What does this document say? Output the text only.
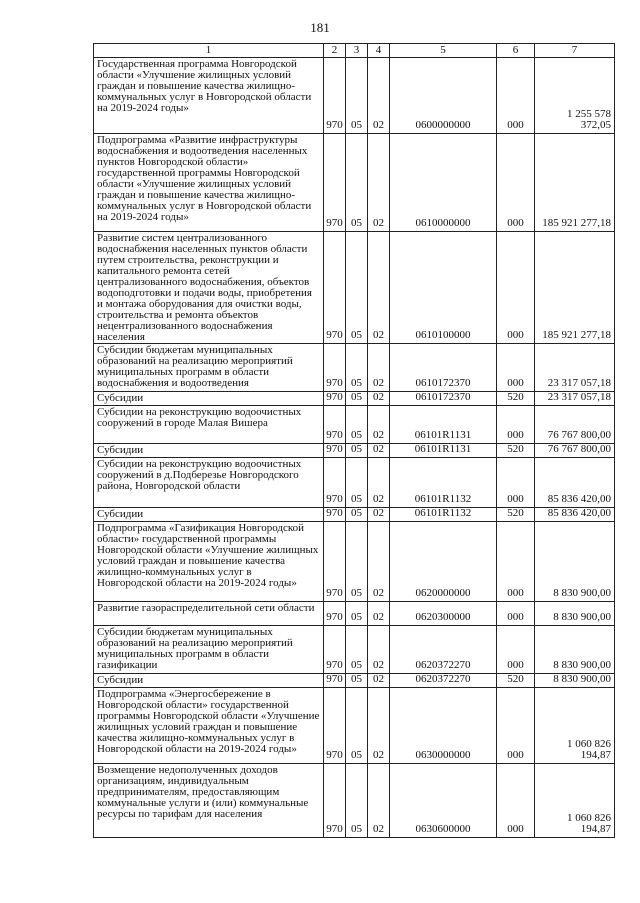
181
1	2	3	4	5	6	7
Государственная программа Новгородской области «Улучшение жилищных условий граждан и повышение качества жилищно-коммунальных услуг в Новгородской области на 2019-2024 годы»	970	05	02	0600000000	000	1 255 578 372,05
Подпрограмма «Развитие инфраструктуры водоснабжения и водоотведения населенных пунктов Новгородской области» государственной программы Новгородской области «Улучшение жилищных условий граждан и повышение качества жилищно-коммунальных услуг в Новгородской области на 2019-2024 годы»	970	05	02	0610000000	000	185 921 277,18
Развитие систем централизованного водоснабжения населенных пунктов области путем строительства, реконструкции и капитального ремонта сетей централизованного водоснабжения, объектов водоподготовки и подачи воды, приобретения и монтажа оборудования для очистки воды, строительства и ремонта объектов нецентрализованного водоснабжения населения	970	05	02	0610100000	000	185 921 277,18
Субсидии бюджетам муниципальных образований на реализацию мероприятий муниципальных программ в области водоснабжения и водоотведения	970	05	02	0610172370	000	23 317 057,18
Субсидии	970	05	02	0610172370	520	23 317 057,18
Субсидии на реконструкцию водоочистных сооружений в городе Малая Вишера	970	05	02	06101R1131	000	76 767 800,00
Субсидии	970	05	02	06101R1131	520	76 767 800,00
Субсидии на реконструкцию водоочистных сооружений в д.Подберезье Новгородского района, Новгородской области	970	05	02	06101R1132	000	85 836 420,00
Субсидии	970	05	02	06101R1132	520	85 836 420,00
Подпрограмма «Газификация Новгородской области» государственной программы Новгородской области «Улучшение жилищных условий граждан и повышение качества жилищно-коммунальных услуг в Новгородской области на 2019-2024 годы»	970	05	02	0620000000	000	8 830 900,00
Развитие газораспределительной сети области	970	05	02	0620300000	000	8 830 900,00
Субсидии бюджетам муниципальных образований на реализацию мероприятий муниципальных программ в области газификации	970	05	02	0620372270	000	8 830 900,00
Субсидии	970	05	02	0620372270	520	8 830 900,00
Подпрограмма «Энергосбережение в Новгородской области» государственной программы Новгородской области «Улучшение жилищных условий граждан и повышение качества жилищно-коммунальных услуг в Новгородской области на 2019-2024 годы»	970	05	02	0630000000	000	1 060 826 194,87
Возмещение недополученных доходов организациям, индивидуальным предпринимателям, предоставляющим коммунальные услуги и (или) коммунальные ресурсы по тарифам для населения	970	05	02	0630600000	000	1 060 826 194,87
